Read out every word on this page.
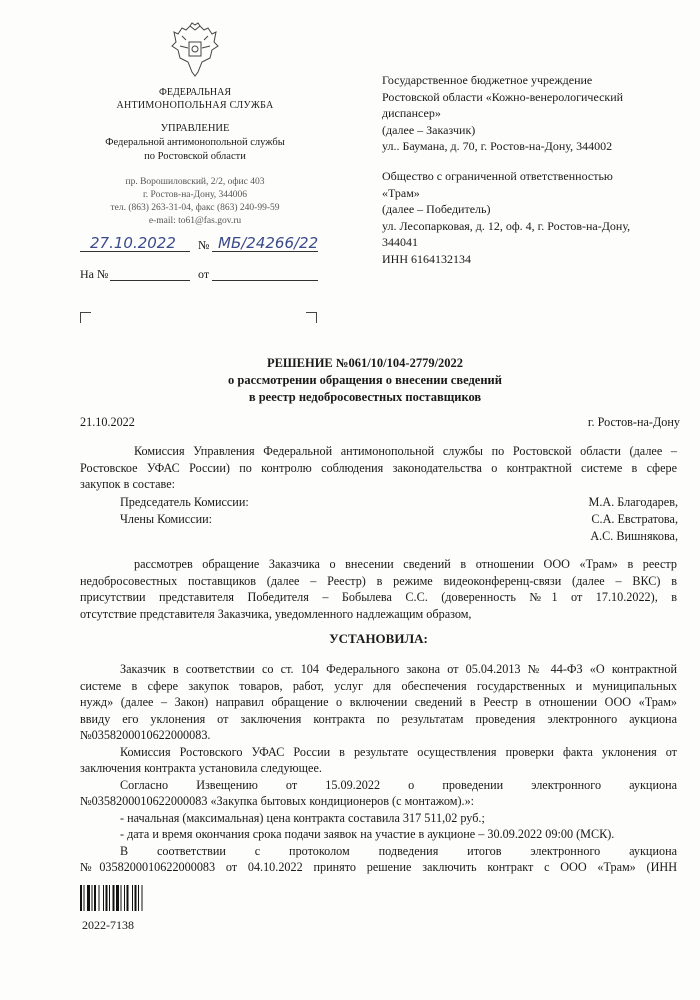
ФЕДЕРАЛЬНАЯ
АНТИМОНОПОЛЬНАЯ СЛУЖБА
УПРАВЛЕНИЕ
Федеральной антимонопольной службы
по Ростовской области
пр. Ворошиловский, 2/2, офис 403
г. Ростов-на-Дону, 344006
тел. (863) 263-31-04, факс (863) 240-99-59
e-mail: to61@fas.gov.ru
27.10.2022 № МБ/24266/22
На №	от
Государственное бюджетное учреждение
Ростовской области «Кожно-венерологический
диспансер»
(далее – Заказчик)
ул.. Баумана, д. 70, г. Ростов-на-Дону, 344002
Общество с ограниченной ответственностью
«Трам»
(далее – Победитель)
ул. Лесопарковая, д. 12, оф. 4, г. Ростов-на-Дону,
344041
ИНН 6164132134
РЕШЕНИЕ №061/10/104-2779/2022
о рассмотрении обращения о внесении сведений
в реестр недобросовестных поставщиков
21.10.2022	г. Ростов-на-Дону
Комиссия Управления Федеральной антимонопольной службы по Ростовской области (далее –
Ростовское УФАС России) по контролю соблюдения законодательства о контрактной системе в сфере
закупок в составе:
Председатель Комиссии:	М.А. Благодарев,
Члены Комиссии:	С.А. Евстратова,
А.С. Вишнякова,
рассмотрев обращение Заказчика о внесении сведений в отношении ООО «Трам» в реестр
недобросовестных поставщиков (далее – Реестр) в режиме видеоконференц-связи (далее – ВКС) в
присутствии представителя Победителя – Бобылева С.С. (доверенность №1 от 17.10.2022), в
отсутствие представителя Заказчика, уведомленного надлежащим образом,
УСТАНОВИЛА:
Заказчик в соответствии со ст. 104 Федерального закона от 05.04.2013 № 44-ФЗ «О контрактной
системе в сфере закупок товаров, работ, услуг для обеспечения государственных и муниципальных
нужд» (далее – Закон) направил обращение о включении сведений в Реестр в отношении ООО «Трам»
ввиду его уклонения от заключения контракта по результатам проведения электронного аукциона
№0358200010622000083.
Комиссия Ростовского УФАС России в результате осуществления проверки факта уклонения от
заключения контракта установила следующее.
Согласно Извещению от 15.09.2022 о проведении электронного аукциона
№0358200010622000083 «Закупка бытовых кондиционеров (с монтажом).»:
- начальная (максимальная) цена контракта составила 317 511,02 руб.;
- дата и время окончания срока подачи заявок на участие в аукционе – 30.09.2022 09:00 (МСК).
В соответствии с протоколом подведения итогов электронного аукциона
№0358200010622000083 от 04.10.2022 принято решение заключить контракт с ООО «Трам» (ИНН
2022-7138
